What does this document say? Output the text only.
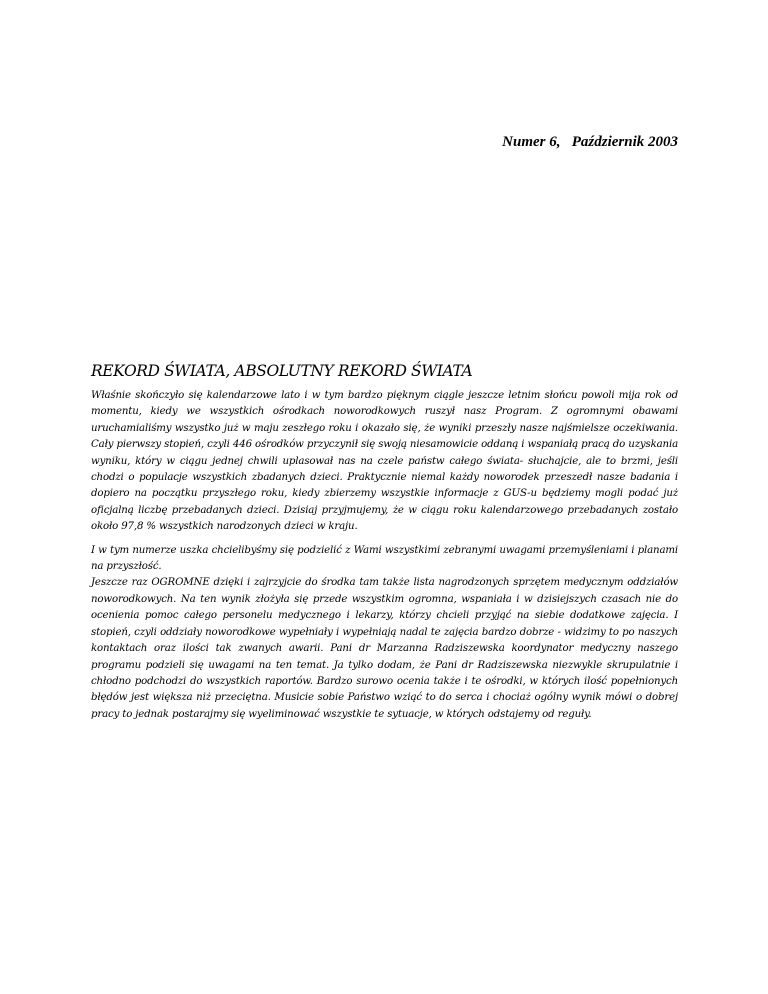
Numer 6, Październik 2003
REKORD ŚWIATA, ABSOLUTNY REKORD ŚWIATA

Właśnie skończyło się kalendarzowe lato i w tym bardzo pięknym ciągle jeszcze letnim słońcu powoli mija rok od momentu, kiedy we wszystkich ośrodkach noworodkowych ruszył nasz Program. Z ogromnymi obawami uruchamialiśmy wszystko już w maju zeszłego roku i okazało się, że wyniki przeszły nasze najśmielsze oczekiwania. Cały pierwszy stopień, czyli 446 ośrodków przyczynił się swoją niesamowicie oddaną i wspaniałą pracą do uzyskania wyniku, który w ciągu jednej chwili uplasował nas na czele państw całego świata- słuchajcie, ale to brzmi, jeśli chodzi o populacje wszystkich zbadanych dzieci. Praktycznie niemal każdy noworodek przeszedł nasze badania i dopiero na początku przyszłego roku, kiedy zbierzemy wszystkie informacje z GUS-u będziemy mogli podać już oficjalną liczbę przebadanych dzieci. Dzisiaj przyjmujemy, że w ciągu roku kalendarzowego przebadanych zostało około 97,8 % wszystkich narodzonych dzieci w kraju.

I w tym numerze uszka chcielibyśmy się podzielić z Wami wszystkimi zebranymi uwagami przemyśleniami i planami na przyszłość.

Jeszcze raz OGROMNE dzięki i zajrzyjcie do środka tam także lista nagrodzonych sprzętem medycznym oddziałów noworodkowych. Na ten wynik złożyła się przede wszystkim ogromna, wspaniała i w dzisiejszych czasach nie do ocenienia pomoc całego personelu medycznego i lekarzy, którzy chcieli przyjąć na siebie dodatkowe zajęcia. I stopień, czyli oddziały noworodkowe wypełniały i wypełniają nadal te zajęcia bardzo dobrze - widzimy to po naszych kontaktach oraz ilości tak zwanych awarii. Pani dr Marzanna Radziszewska koordynator medyczny naszego programu podzieli się uwagami na ten temat. Ja tylko dodam, że Pani dr Radziszewska niezwykle skrupulatnie i chłodno podchodzi do wszystkich raportów. Bardzo surowo ocenia także i te ośrodki, w których ilość popełnionych błędów jest większa niż przeciętna. Musicie sobie Państwo wziąć to do serca i chociaż ogólny wynik mówi o dobrej pracy to jednak postarajmy się wyeliminować wszystkie te sytuacje, w których odstajemy od reguły.
